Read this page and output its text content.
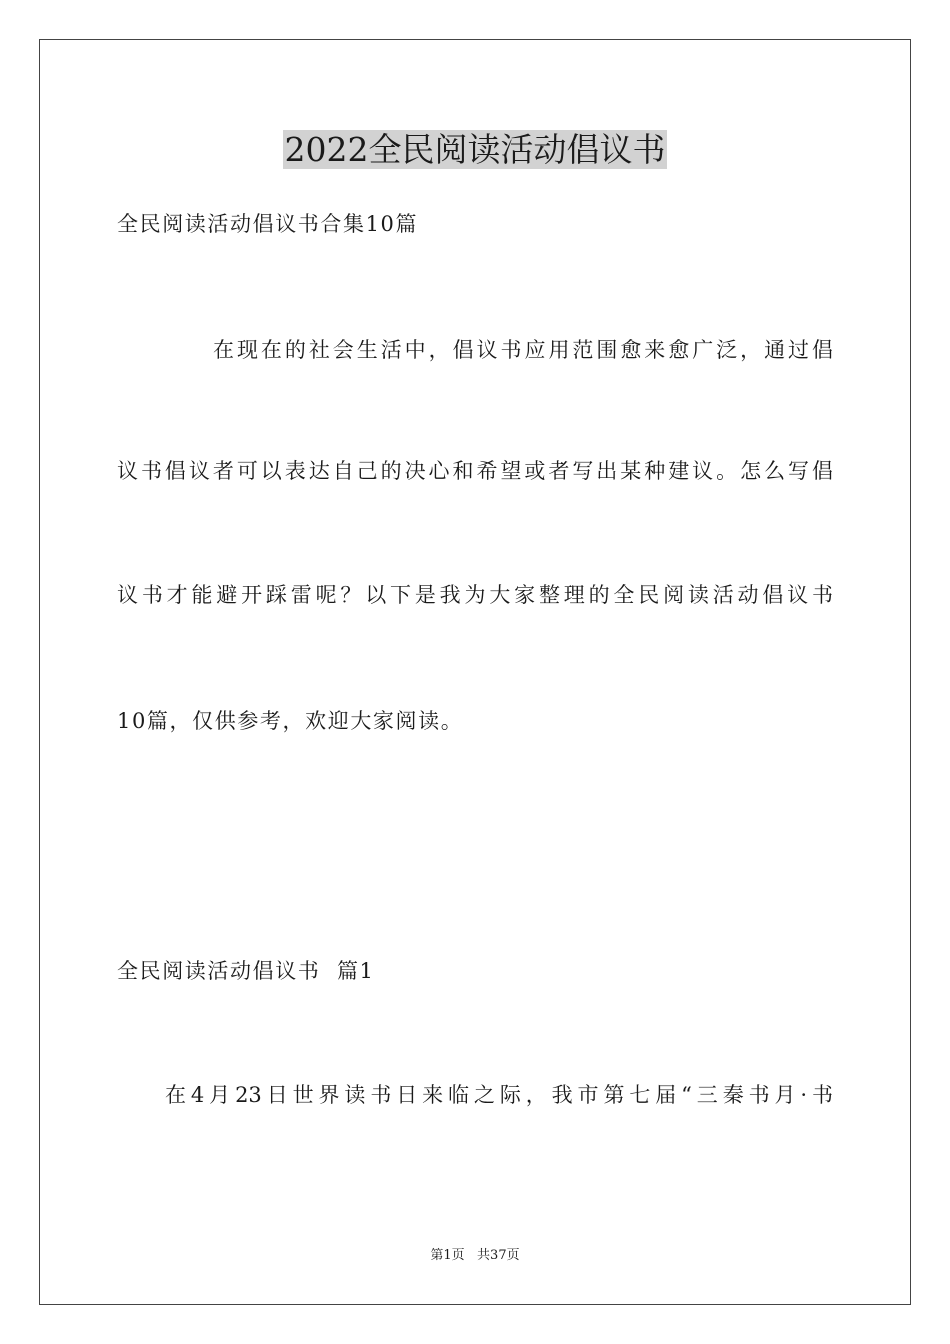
2022全民阅读活动倡议书

全民阅读活动倡议书合集10篇

在现在的社会生活中，倡议书应用范围愈来愈广泛，通过倡

议书倡议者可以表达自己的决心和希望或者写出某种建议。怎么写倡

议书才能避开踩雷呢？以下是我为大家整理的全民阅读活动倡议书

10篇，仅供参考，欢迎大家阅读。

全民阅读活动倡议书  篇1

在4月23日世界读书日来临之际，我市第七届“三秦书月·书

第1页   共37页
